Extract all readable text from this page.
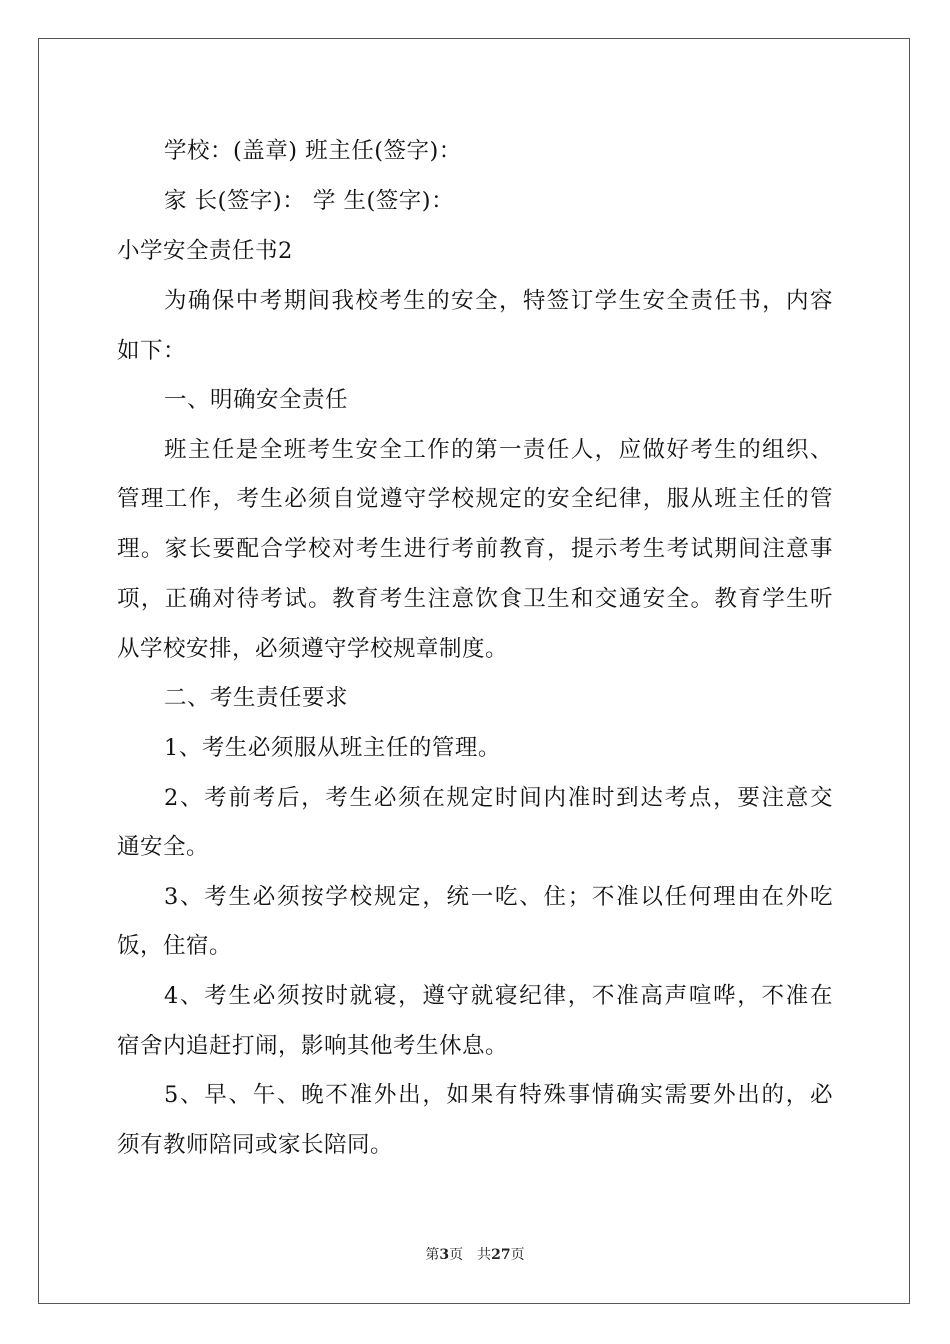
学校：(盖章) 班主任(签字)：
家 长(签字)： 学 生(签字)：
小学安全责任书2
为确保中考期间我校考生的安全，特签订学生安全责任书，内容
如下：
一、明确安全责任
班主任是全班考生安全工作的第一责任人，应做好考生的组织、
管理工作，考生必须自觉遵守学校规定的安全纪律，服从班主任的管
理。家长要配合学校对考生进行考前教育，提示考生考试期间注意事
项，正确对待考试。教育考生注意饮食卫生和交通安全。教育学生听
从学校安排，必须遵守学校规章制度。
二、考生责任要求
1、考生必须服从班主任的管理。
2、考前考后，考生必须在规定时间内准时到达考点，要注意交
通安全。
3、考生必须按学校规定，统一吃、住；不准以任何理由在外吃
饭，住宿。
4、考生必须按时就寝，遵守就寝纪律，不准高声喧哗，不准在
宿舍内追赶打闹，影响其他考生休息。
5、早、午、晚不准外出，如果有特殊事情确实需要外出的，必
须有教师陪同或家长陪同。
第3页　共27页
